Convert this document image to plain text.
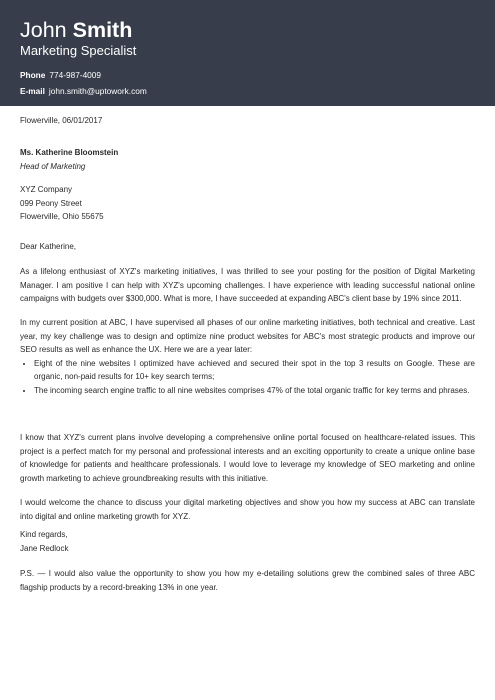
John Smith
Marketing Specialist
Phone 774-987-4009
E-mail john.smith@uptowork.com
Flowerville, 06/01/2017
Ms. Katherine Bloomstein
Head of Marketing
XYZ Company
099 Peony Street
Flowerville, Ohio 55675
Dear Katherine,

As a lifelong enthusiast of XYZ's marketing initiatives, I was thrilled to see your posting for the position of Digital Marketing Manager. I am positive I can help with XYZ's upcoming challenges. I have experience with leading successful national online campaigns with budgets over $300,000. What is more, I have succeeded at expanding ABC's client base by 19% since 2011.

In my current position at ABC, I have supervised all phases of our online marketing initiatives, both technical and creative. Last year, my key challenge was to design and optimize nine product websites for ABC's most strategic products and improve our SEO results as well as enhance the UX. Here we are a year later:

• Eight of the nine websites I optimized have achieved and secured their spot in the top 3 results on Google. These are organic, non-paid results for 10+ key search terms;
• The incoming search engine traffic to all nine websites comprises 47% of the total organic traffic for key terms and phrases.

I know that XYZ's current plans involve developing a comprehensive online portal focused on healthcare-related issues. This project is a perfect match for my personal and professional interests and an exciting opportunity to create a unique online base of knowledge for patients and healthcare professionals. I would love to leverage my knowledge of SEO marketing and online growth marketing to achieve groundbreaking results with this initiative.

I would welcome the chance to discuss your digital marketing objectives and show you how my success at ABC can translate into digital and online marketing growth for XYZ.

Kind regards,
Jane Redlock

P.S. — I would also value the opportunity to show you how my e-detailing solutions grew the combined sales of three ABC flagship products by a record-breaking 13% in one year.
